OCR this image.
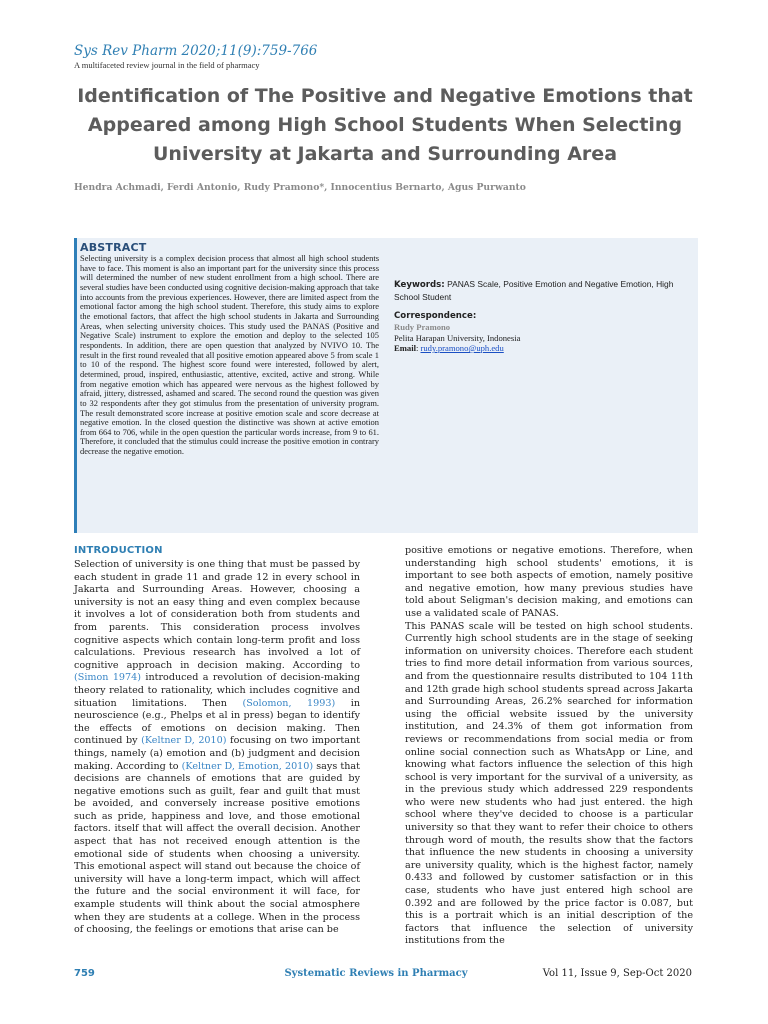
Sys Rev Pharm 2020;11(9):759-766
A multifaceted review journal in the field of pharmacy
Identification of The Positive and Negative Emotions that Appeared among High School Students When Selecting University at Jakarta and Surrounding Area
Hendra Achmadi, Ferdi Antonio, Rudy Pramono*, Innocentius Bernarto, Agus Purwanto
ABSTRACT

Selecting university is a complex decision process that almost all high school students have to face. This moment is also an important part for the university since this process will determined the number of new student enrollment from a high school. There are several studies have been conducted using cognitive decision-making approach that take into accounts from the previous experiences. However, there are limited aspect from the emotional factor among the high school student. Therefore, this study aims to explore the emotional factors, that affect the high school students in Jakarta and Surrounding Areas, when selecting university choices. This study used the PANAS (Positive and Negative Scale) instrument to explore the emotion and deploy to the selected 105 respondents. In addition, there are open question that analyzed by NVIVO 10. The result in the first round revealed that all positive emotion appeared above 5 from scale 1 to 10 of the respond. The highest score found were interested, followed by alert, determined, proud, inspired, enthusiastic, attentive, excited, active and strong. While from negative emotion which has appeared were nervous as the highest followed by afraid, jittery, distressed, ashamed and scared. The second round the question was given to 32 respondents after they got stimulus from the presentation of university program. The result demonstrated score increase at positive emotion scale and score decrease at negative emotion. In the closed question the distinctive was shown at active emotion from 664 to 706, while in the open question the particular words increase, from 9 to 61. Therefore, it concluded that the stimulus could increase the positive emotion in contrary decrease the negative emotion.

Keywords: PANAS Scale, Positive Emotion and Negative Emotion, High School Student
Correspondence:
Rudy Pramono
Pelita Harapan University, Indonesia
Email: rudy.pramono@uph.edu
INTRODUCTION

Selection of university is one thing that must be passed by each student in grade 11 and grade 12 in every school in Jakarta and Surrounding Areas. However, choosing a university is not an easy thing and even complex because it involves a lot of consideration both from students and from parents. This consideration process involves cognitive aspects which contain long-term profit and loss calculations. Previous research has involved a lot of cognitive approach in decision making. According to (Simon 1974) introduced a revolution of decision-making theory related to rationality, which includes cognitive and situation limitations. Then (Solomon, 1993) in neuroscience (e.g., Phelps et al in press) began to identify the effects of emotions on decision making. Then continued by (Keltner D, 2010) focusing on two important things, namely (a) emotion and (b) judgment and decision making. According to (Keltner D, Emotion, 2010) says that decisions are channels of emotions that are guided by negative emotions such as guilt, fear and guilt that must be avoided, and conversely increase positive emotions such as pride, happiness and love, and those emotional factors. itself that will affect the overall decision. Another aspect that has not received enough attention is the emotional side of students when choosing a university. This emotional aspect will stand out because the choice of university will have a long-term impact, which will affect the future and the social environment it will face, for example students will think about the social atmosphere when they are students at a college. When in the process of choosing, the feelings or emotions that arise can be

positive emotions or negative emotions. Therefore, when understanding high school students' emotions, it is important to see both aspects of emotion, namely positive and negative emotion, how many previous studies have told about Seligman's decision making, and emotions can use a validated scale of PANAS.

This PANAS scale will be tested on high school students. Currently high school students are in the stage of seeking information on university choices. Therefore each student tries to find more detail information from various sources, and from the questionnaire results distributed to 104 11th and 12th grade high school students spread across Jakarta and Surrounding Areas, 26.2% searched for information using the official website issued by the university institution, and 24.3% of them got information from reviews or recommendations from social media or from online social connection such as WhatsApp or Line, and knowing what factors influence the selection of this high school is very important for the survival of a university, as in the previous study which addressed 229 respondents who were new students who had just entered. the high school where they've decided to choose is a particular university so that they want to refer their choice to others through word of mouth, the results show that the factors that influence the new students in choosing a university are university quality, which is the highest factor, namely 0.433 and followed by customer satisfaction or in this case, students who have just entered high school are 0.392 and are followed by the price factor is 0.087, but this is a portrait which is an initial description of the factors that influence the selection of university institutions from the

759	Systematic Reviews in Pharmacy	Vol 11, Issue 9, Sep-Oct 2020
